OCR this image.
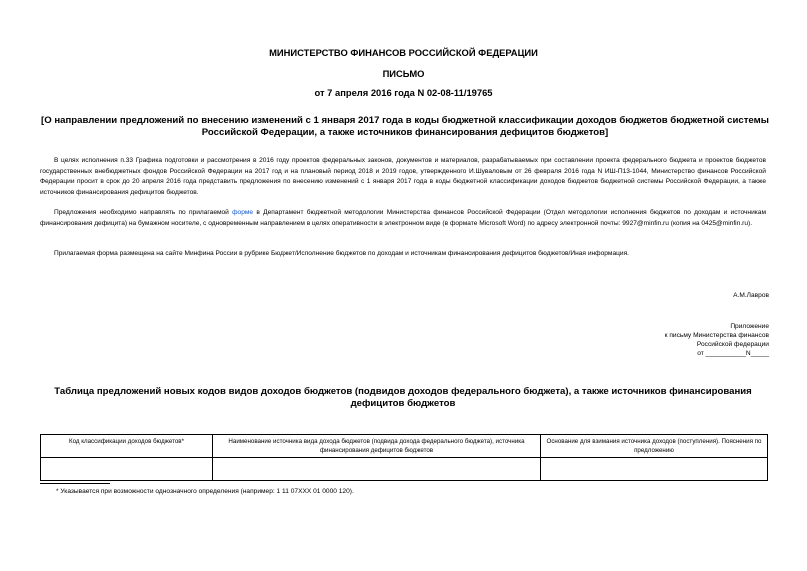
МИНИСТЕРСТВО ФИНАНСОВ РОССИЙСКОЙ ФЕДЕРАЦИИ
ПИСЬМО
от 7 апреля 2016 года N 02-08-11/19765
[О направлении предложений по внесению изменений с 1 января 2017 года в коды бюджетной классификации доходов бюджетов бюджетной системы Российской Федерации, а также источников финансирования дефицитов бюджетов]
В целях исполнения п.33 Графика подготовки и рассмотрения в 2016 году проектов федеральных законов, документов и материалов, разрабатываемых при составлении проекта федерального бюджета и проектов бюджетов государственных внебюджетных фондов Российской Федерации на 2017 год и на плановый период 2018 и 2019 годов, утвержденного И.Шуваловым от 26 февраля 2016 года N ИШ-П13-1044, Министерство финансов Российской Федерации просит в срок до 20 апреля 2016 года представить предложения по внесению изменений с 1 января 2017 года в коды бюджетной классификации доходов бюджетов бюджетной системы Российской Федерации, а также источников финансирования дефицитов бюджетов.
Предложения необходимо направлять по прилагаемой форме в Департамент бюджетной методологии Министерства финансов Российской Федерации (Отдел методологии исполнения бюджетов по доходам и источникам финансирования дефицита) на бумажном носителе, с одновременным направлением в целях оперативности в электронном виде (в формате Microsoft Word) по адресу электронной почты: 9927@minfin.ru (копия на 0425@minfin.ru).
Прилагаемая форма размещена на сайте Минфина России в рубрике Бюджет/Исполнение бюджетов по доходам и источникам финансирования дефицитов бюджетов/Иная информация.
А.М.Лавров
Приложение
к письму Министерства финансов
Российской федерации
от ___________N_____
Таблица предложений новых кодов видов доходов бюджетов (подвидов доходов федерального бюджета), а также источников финансирования дефицитов бюджетов
Код классификации доходов бюджетов*	Наименование источника вида дохода бюджетов (подвида дохода федерального бюджета), источника финансирования дефицитов бюджетов	Основание для взимания источника доходов (поступления). Пояснения по предложению

* Указывается при возможности однозначного определения (например: 1 11 07XXX 01 0000 120).
